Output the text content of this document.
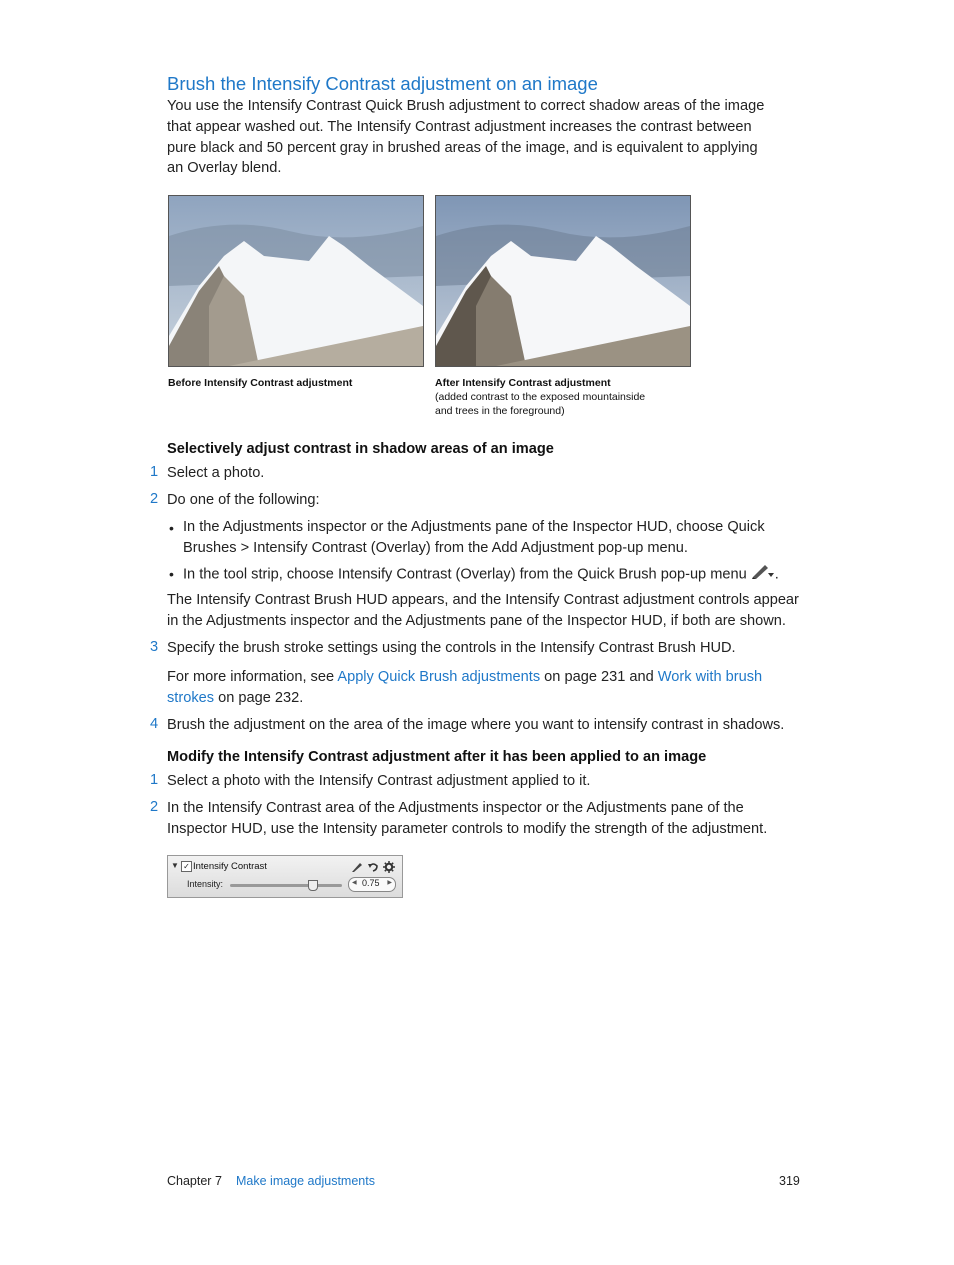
Brush the Intensify Contrast adjustment on an image
You use the Intensify Contrast Quick Brush adjustment to correct shadow areas of the image that appear washed out. The Intensify Contrast adjustment increases the contrast between pure black and 50 percent gray in brushed areas of the image, and is equivalent to applying an Overlay blend.
Before Intensify Contrast adjustment	After Intensify Contrast adjustment
(added contrast to the exposed mountainside
and trees in the foreground)
Selectively adjust contrast in shadow areas of an image
1 Select a photo.
2 Do one of the following:
• In the Adjustments inspector or the Adjustments pane of the Inspector HUD, choose Quick
Brushes > Intensify Contrast (Overlay) from the Add Adjustment pop-up menu.
• In the tool strip, choose Intensify Contrast (Overlay) from the Quick Brush pop-up menu .
The Intensify Contrast Brush HUD appears, and the Intensify Contrast adjustment controls appear
in the Adjustments inspector and the Adjustments pane of the Inspector HUD, if both are shown.
3 Specify the brush stroke settings using the controls in the Intensify Contrast Brush HUD.
For more information, see Apply Quick Brush adjustments on page 231 and Work with brush
strokes on page 232.
4 Brush the adjustment on the area of the image where you want to intensify contrast in shadows.
Modify the Intensify Contrast adjustment after it has been applied to an image
1 Select a photo with the Intensify Contrast adjustment applied to it.
2 In the Intensify Contrast area of the Adjustments inspector or the Adjustments pane of the
Inspector HUD, use the Intensity parameter controls to modify the strength of the adjustment.
▼ ✓ Intensify Contrast
Intensity:	◀ 0.75 ▶
Chapter 7 Make image adjustments	319
